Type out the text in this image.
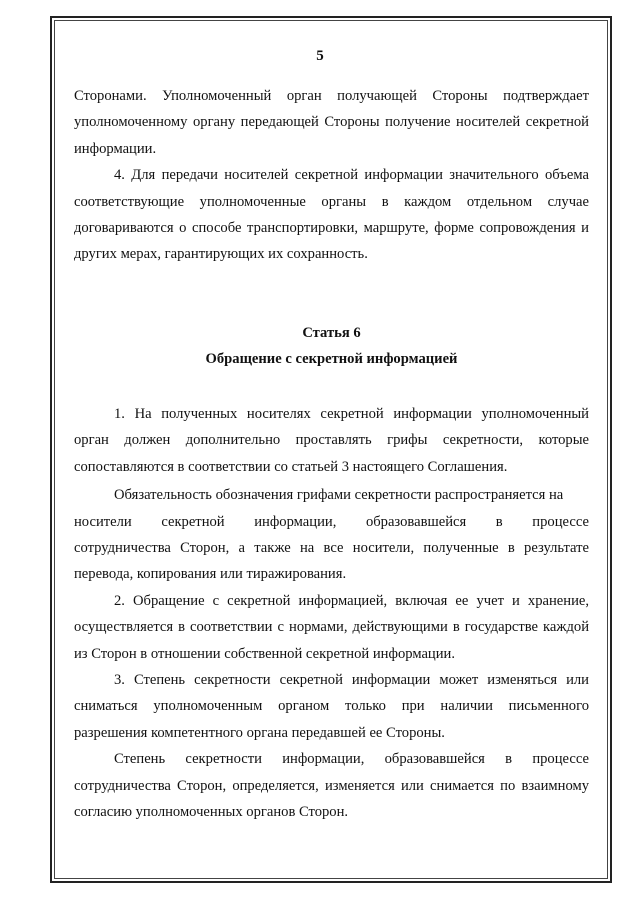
5

Сторонами. Уполномоченный орган получающей Стороны подтверждает уполномоченному органу передающей Стороны получение носителей секретной информации.

4. Для передачи носителей секретной информации значительного объема соответствующие уполномоченные органы в каждом отдельном случае договариваются о способе транспортировки, маршруте, форме сопровождения и других мерах, гарантирующих их сохранность.

Статья 6
Обращение с секретной информацией

1. На полученных носителях секретной информации уполномоченный орган должен дополнительно проставлять грифы секретности, которые сопоставляются в соответствии со статьей 3 настоящего Соглашения.

Обязательность обозначения грифами секретности распространяется на

носители секретной информации, образовавшейся в процессе

сотрудничества Сторон, а также на все носители, полученные в результате перевода, копирования или тиражирования.

2. Обращение с секретной информацией, включая ее учет и хранение, осуществляется в соответствии с нормами, действующими в государстве каждой из Сторон в отношении собственной секретной информации.

3. Степень секретности секретной информации может изменяться или сниматься уполномоченным органом только при наличии письменного разрешения компетентного органа передавшей ее Стороны.

Степень секретности информации, образовавшейся в процессе сотрудничества Сторон, определяется, изменяется или снимается по взаимному согласию уполномоченных органов Сторон.
